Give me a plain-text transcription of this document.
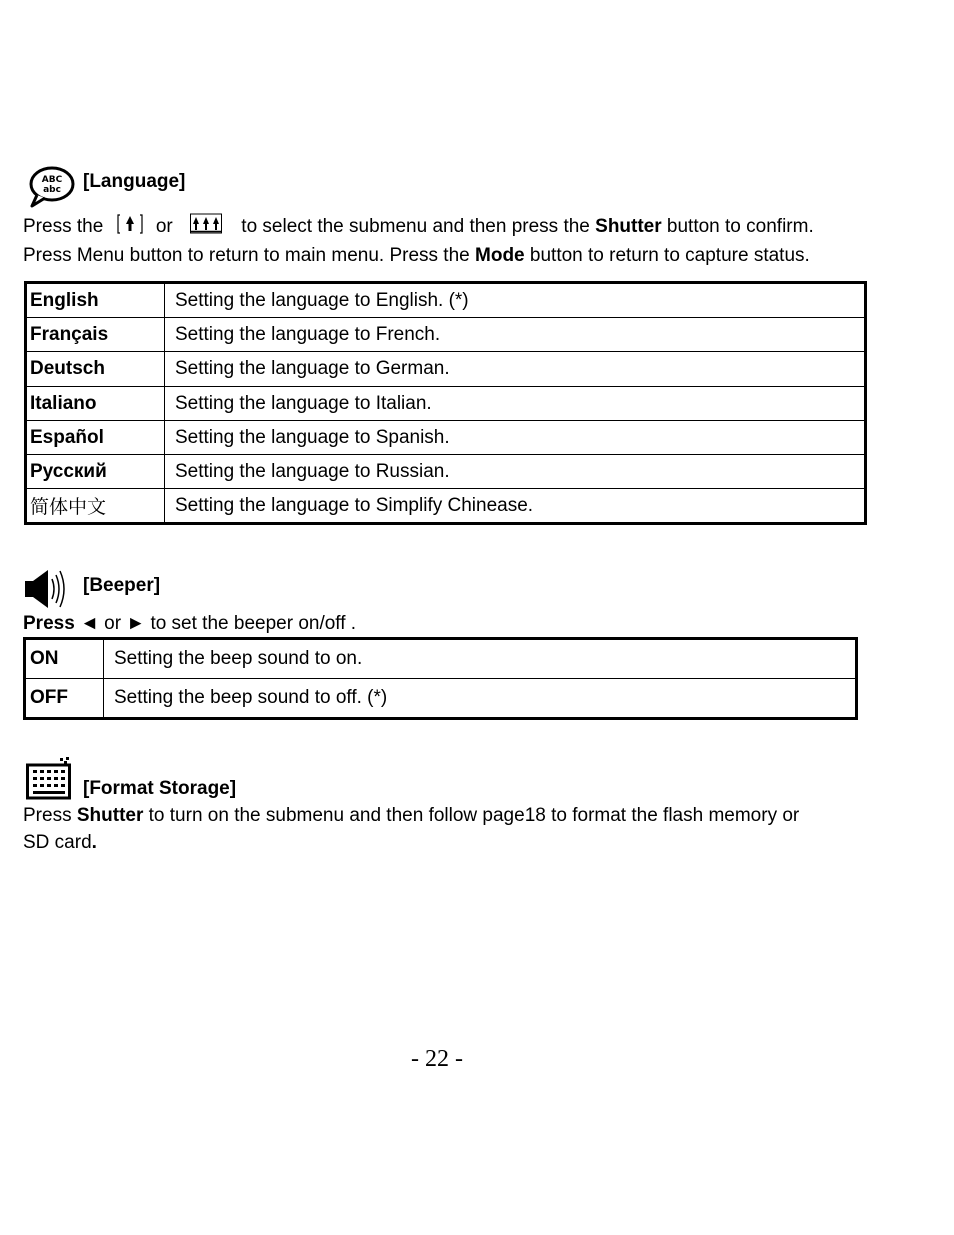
ABC
abc [Language]
Press the	or	to select the submenu and then press the Shutter button to confirm.
Press Menu button to return to main menu. Press the Mode button to return to capture status.
English	Setting the language to English. (*)
Français	Setting the language to French.
Deutsch	Setting the language to German.
Italiano	Setting the language to Italian.
Español	Setting the language to Spanish.
Русский	Setting the language to Russian.
简体中文	Setting the language to Simplify Chinease.
[Beeper]
Press ◄ or ► to set the beeper on/off .
ON	Setting the beep sound to on.
OFF	Setting the beep sound to off. (*)
[Format Storage]
Press Shutter to turn on the submenu and then follow page18 to format the flash memory or
SD card.
- 22 -
